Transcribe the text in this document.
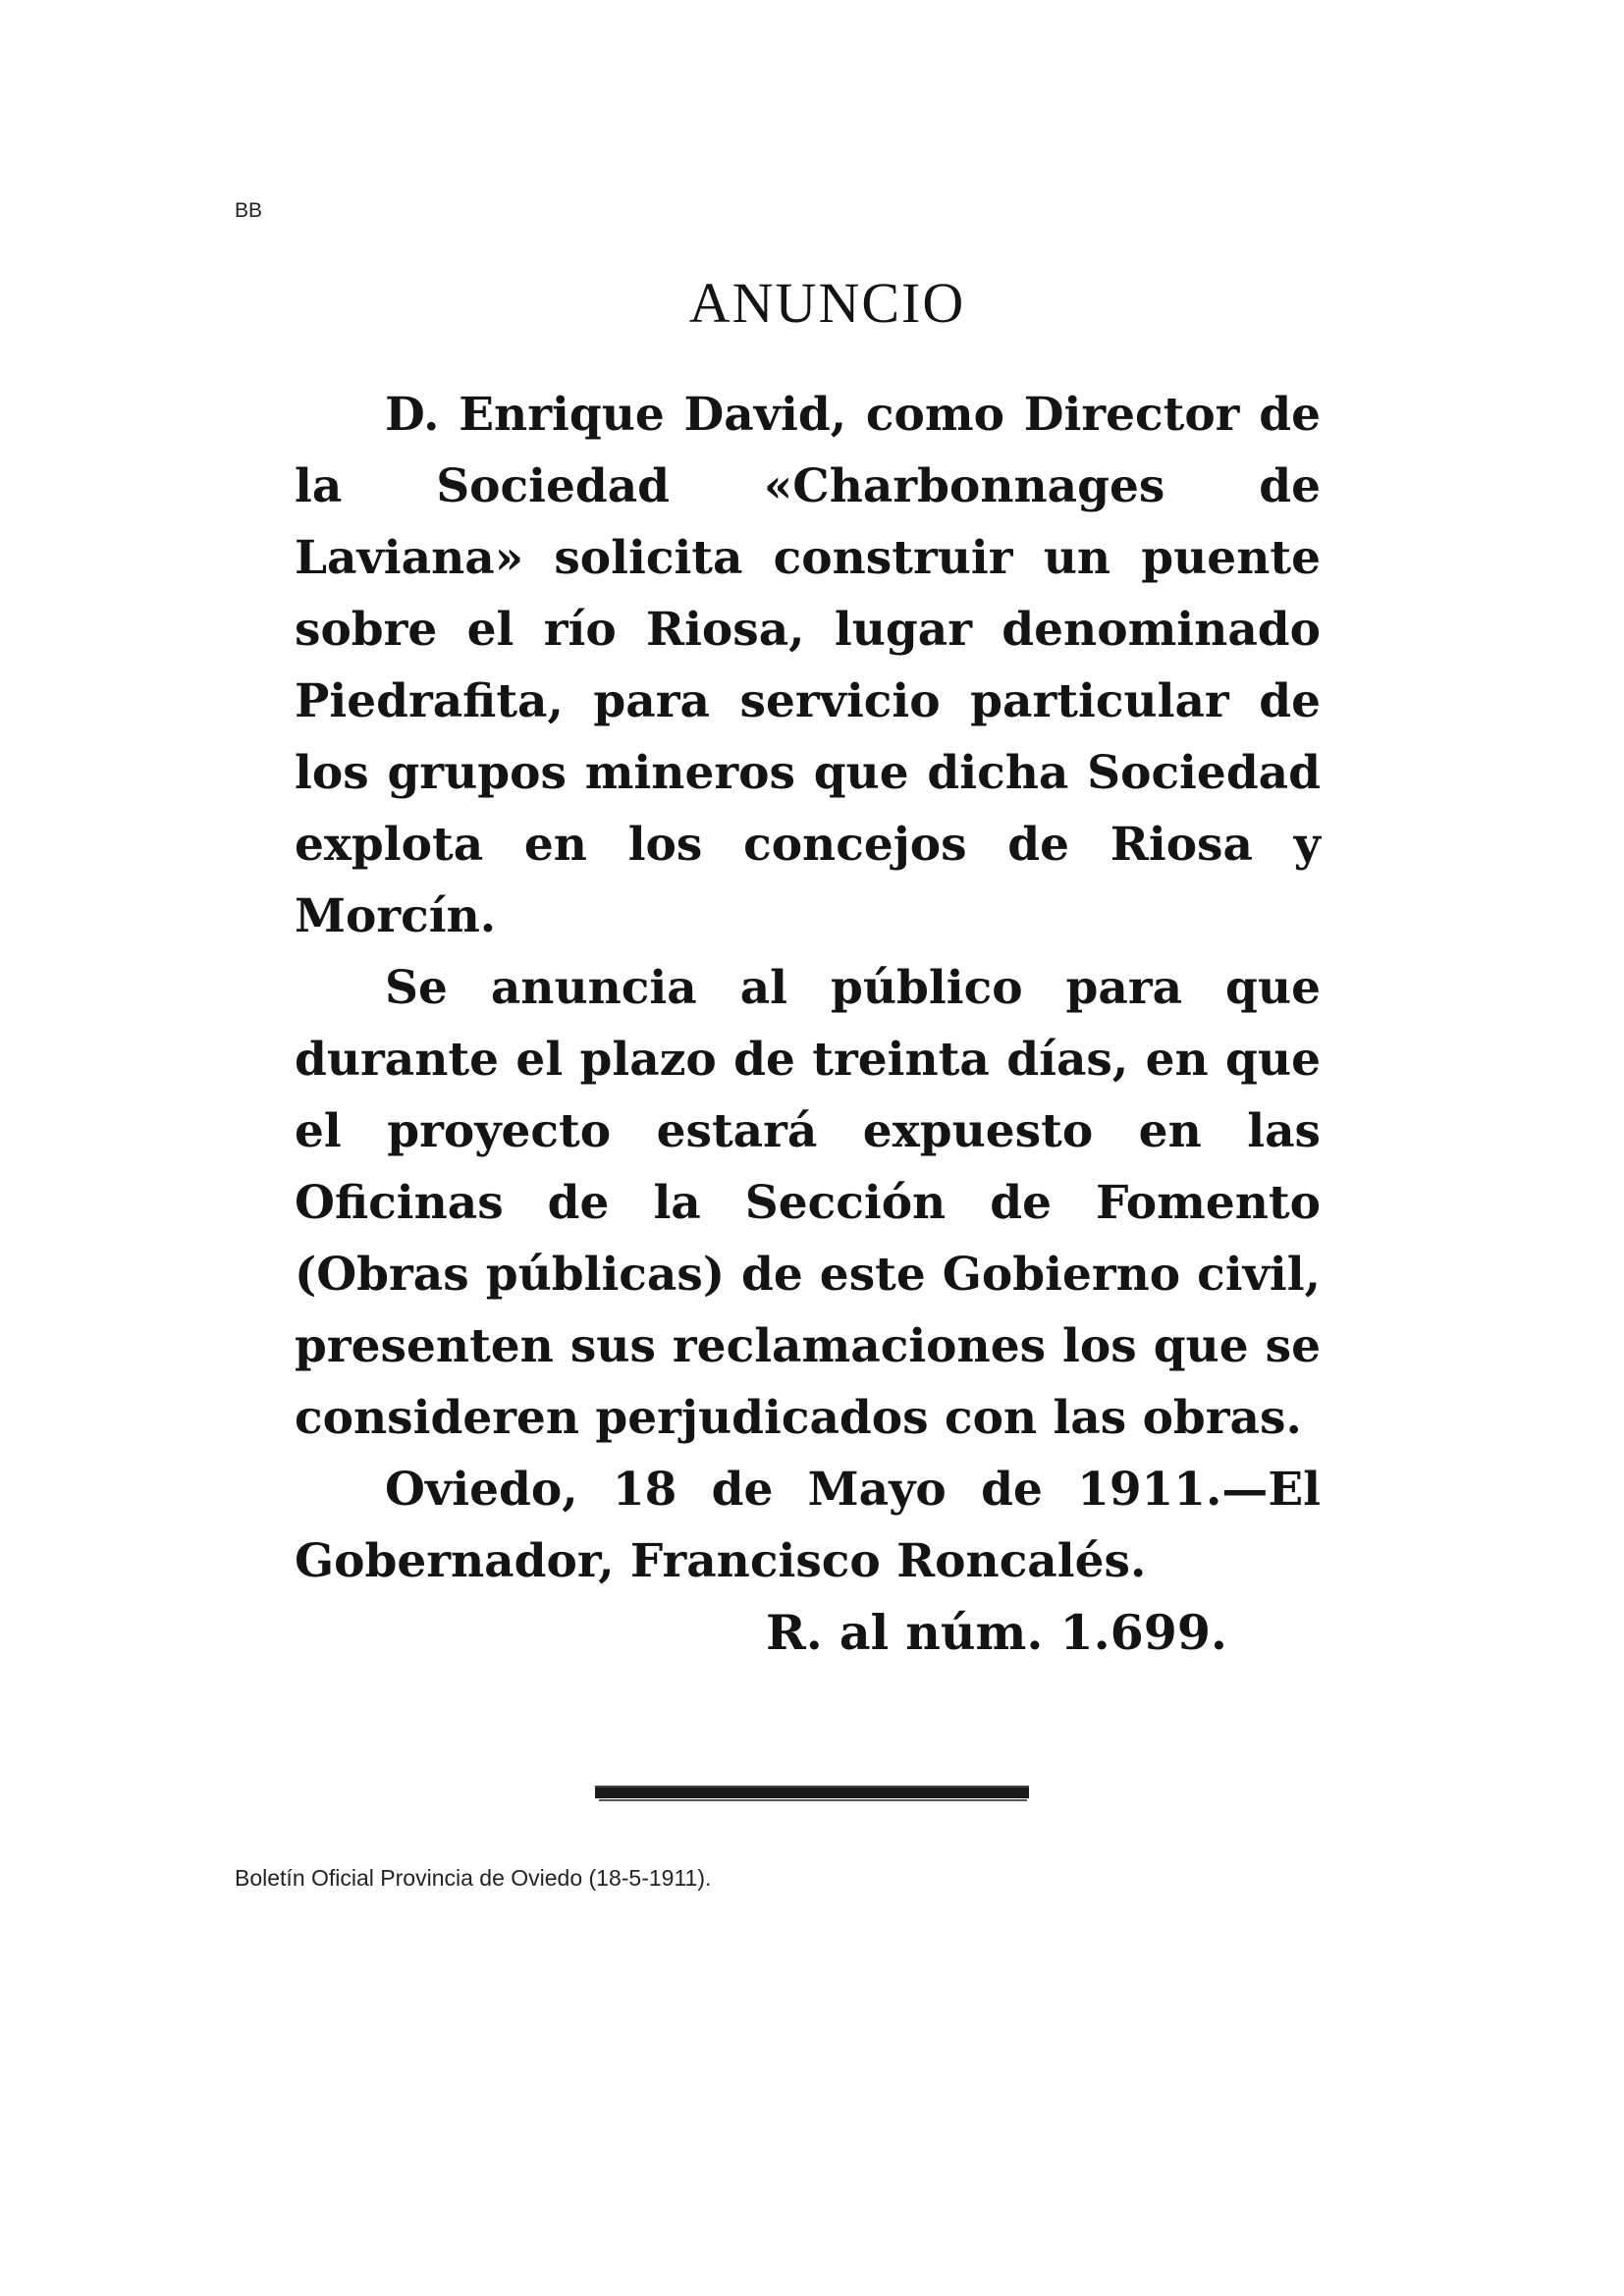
BB
ANUNCIO

D. Enrique David, como Director de la Sociedad «Charbonnages de Laviana» solicita construir un puente sobre el río Riosa, lugar denominado Piedrafita, para servicio particular de los grupos mineros que dicha Sociedad explota en los concejos de Riosa y Morcín.

Se anuncia al público para que durante el plazo de treinta días, en que el proyecto estará expuesto en las Oficinas de la Sección de Fomento (Obras públicas) de este Gobierno civil, presenten sus reclamaciones los que se consideren perjudicados con las obras.

Oviedo, 18 de Mayo de 1911.—El Gobernador, Francisco Roncalés.

R. al núm. 1.699.

Boletín Oficial Provincia de Oviedo (18-5-1911).
